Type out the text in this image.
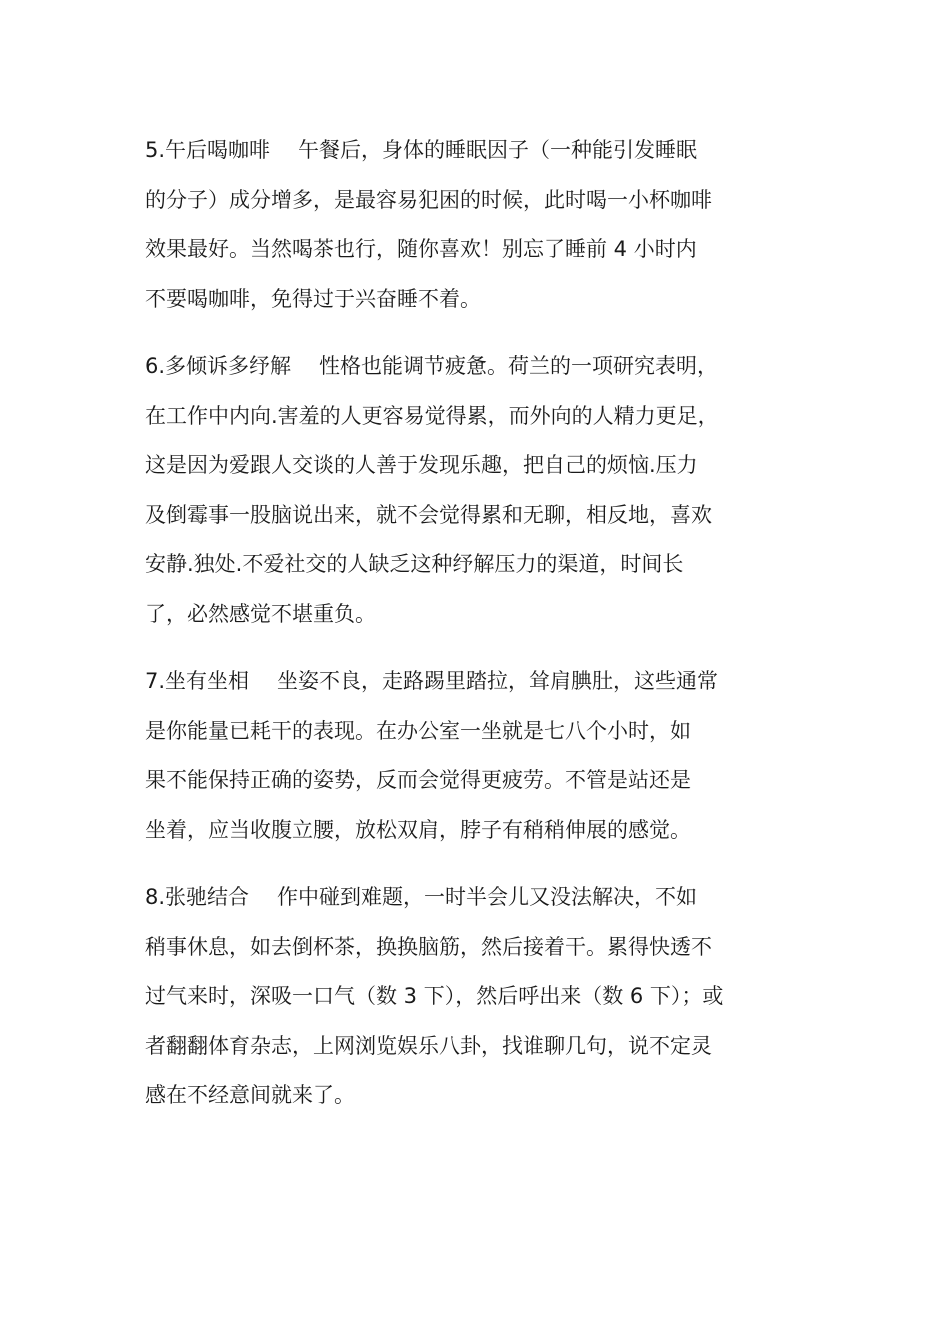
5.午后喝咖啡 午餐后，身体的睡眠因子（一种能引发睡眠
的分子）成分增多，是最容易犯困的时候，此时喝一小杯咖啡
效果最好。当然喝茶也行，随你喜欢！别忘了睡前 4 小时内
不要喝咖啡，免得过于兴奋睡不着。
6.多倾诉多纾解 性格也能调节疲惫。荷兰的一项研究表明，
在工作中内向.害羞的人更容易觉得累，而外向的人精力更足，
这是因为爱跟人交谈的人善于发现乐趣，把自己的烦恼.压力
及倒霉事一股脑说出来，就不会觉得累和无聊，相反地，喜欢
安静.独处.不爱社交的人缺乏这种纾解压力的渠道，时间长
了，必然感觉不堪重负。
7.坐有坐相 坐姿不良，走路踢里踏拉，耸肩腆肚，这些通常
是你能量已耗干的表现。在办公室一坐就是七八个小时，如
果不能保持正确的姿势，反而会觉得更疲劳。不管是站还是
坐着，应当收腹立腰，放松双肩，脖子有稍稍伸展的感觉。
8.张驰结合 作中碰到难题，一时半会儿又没法解决，不如
稍事休息，如去倒杯茶，换换脑筋，然后接着干。累得快透不
过气来时，深吸一口气（数 3 下），然后呼出来（数 6 下）；或
者翻翻体育杂志，上网浏览娱乐八卦，找谁聊几句，说不定灵
感在不经意间就来了。
